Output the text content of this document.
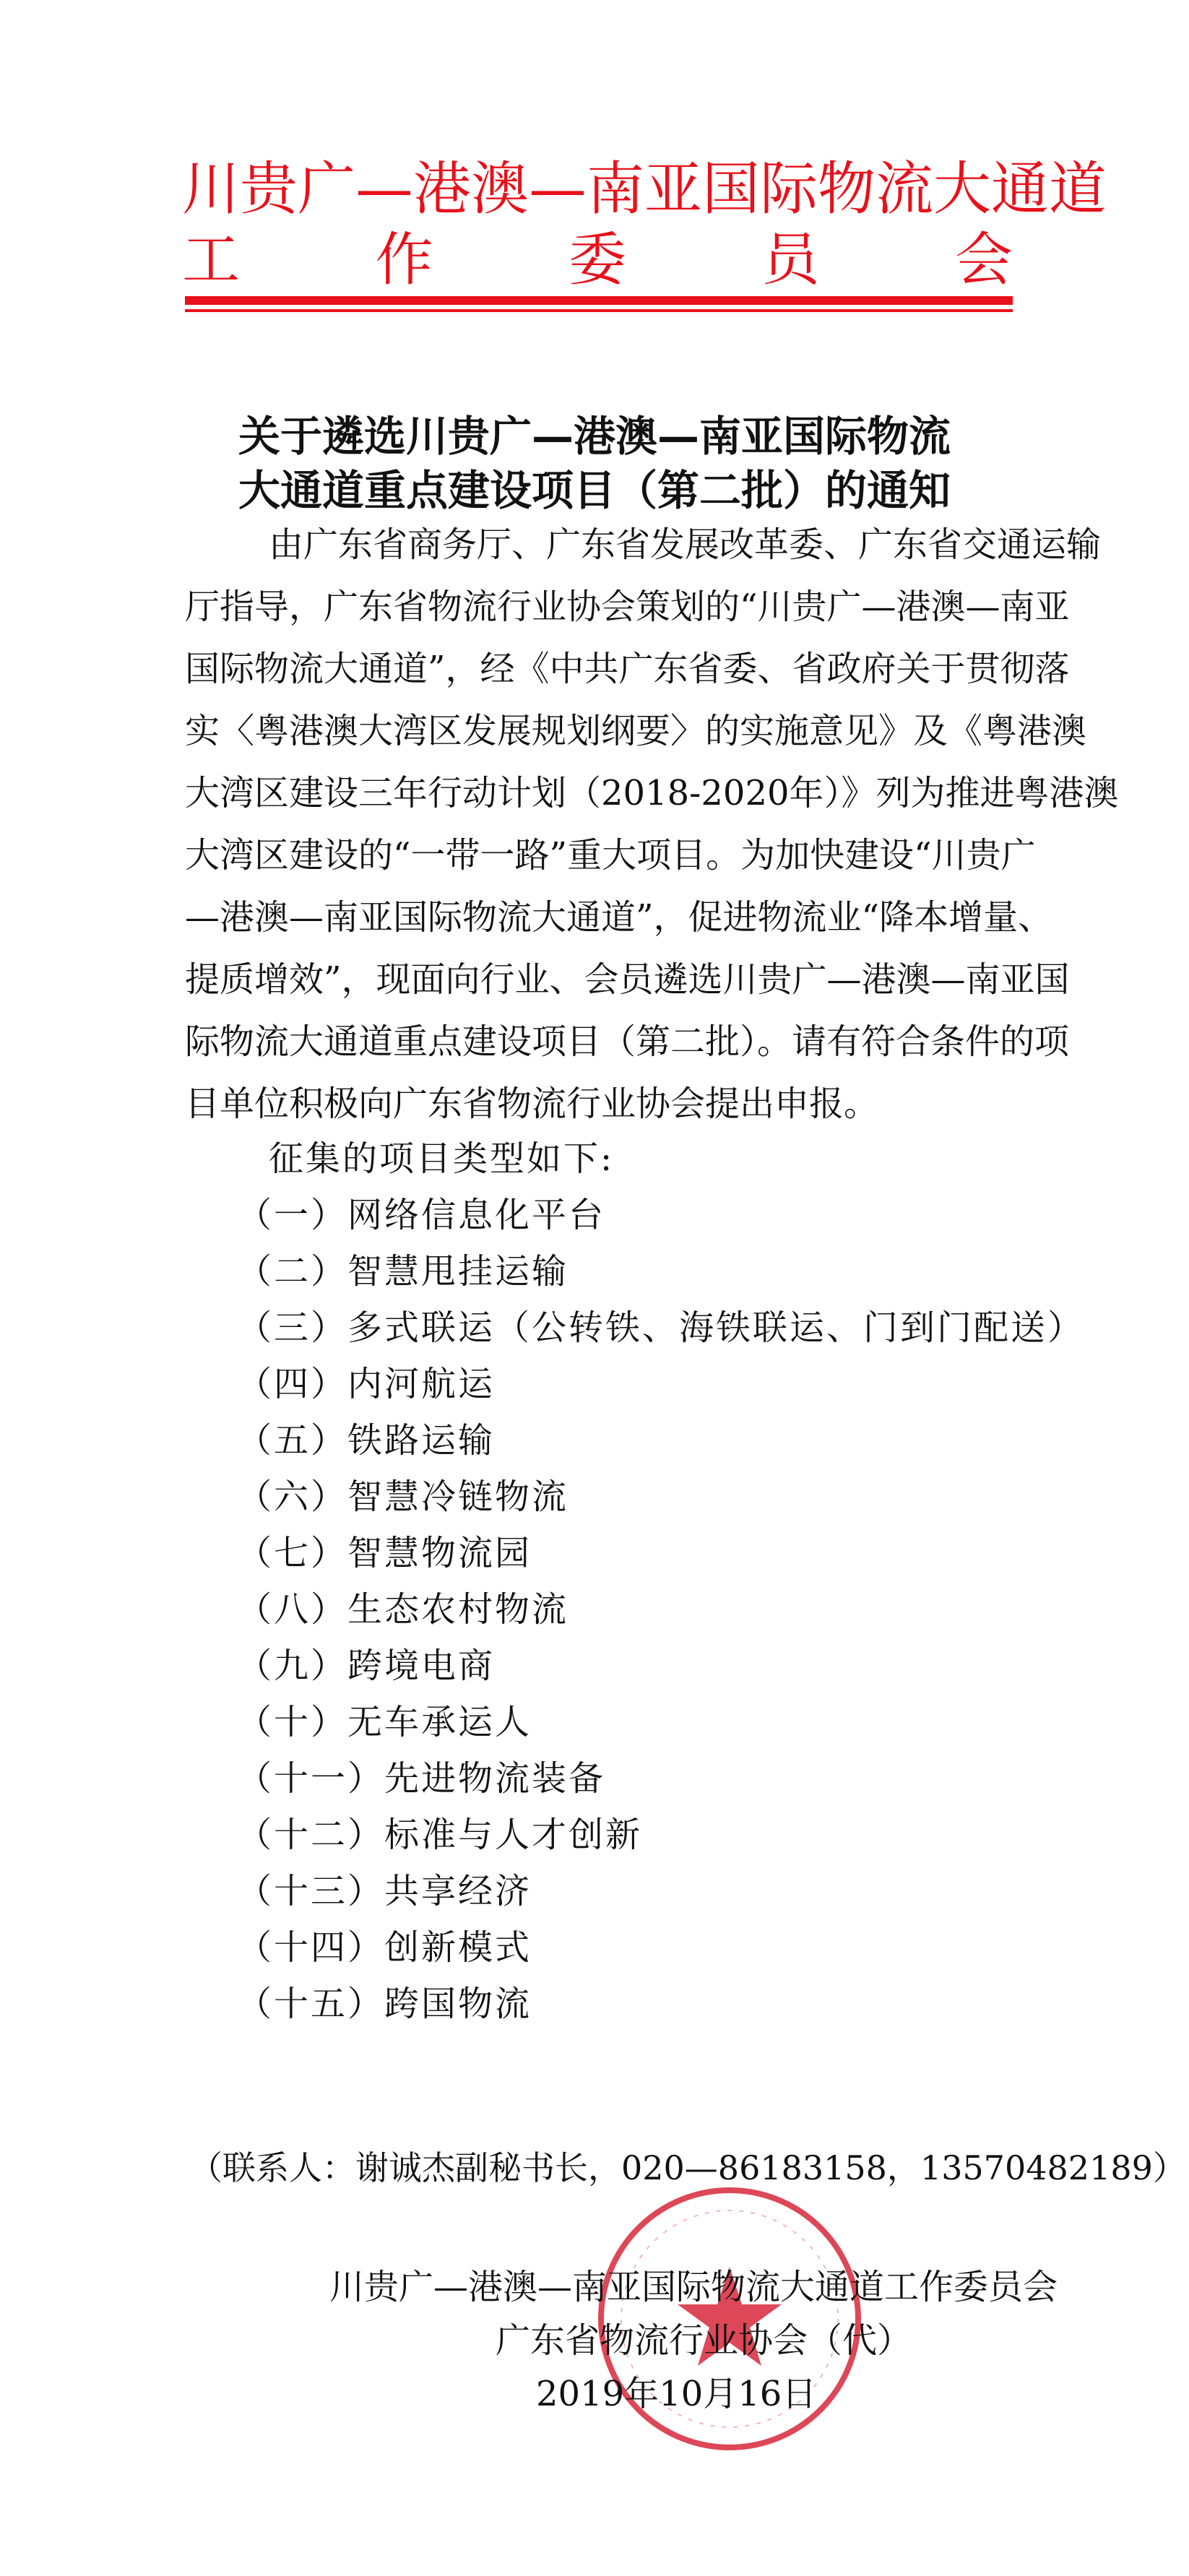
川贵广—港澳—南亚国际物流大通道
工 作 委 员 会
关于遴选川贵广—港澳—南亚国际物流
大通道重点建设项目（第二批）的通知
由广东省商务厅、广东省发展改革委、广东省交通运输
厅指导，广东省物流行业协会策划的“川贵广—港澳—南亚
国际物流大通道”，经《中共广东省委、省政府关于贯彻落
实〈粤港澳大湾区发展规划纲要〉的实施意见》及《粤港澳
大湾区建设三年行动计划（2018-2020年）》列为推进粤港澳
大湾区建设的“一带一路”重大项目。为加快建设“川贵广
—港澳—南亚国际物流大通道”，促进物流业“降本增量、
提质增效”，现面向行业、会员遴选川贵广—港澳—南亚国
际物流大通道重点建设项目（第二批）。请有符合条件的项
目单位积极向广东省物流行业协会提出申报。
征集的项目类型如下:
（一）网络信息化平台
（二）智慧甩挂运输
（三）多式联运（公转铁、海铁联运、门到门配送）
（四）内河航运
（五）铁路运输
（六）智慧冷链物流
（七）智慧物流园
（八）生态农村物流
（九）跨境电商
（十）无车承运人
（十一）先进物流装备
（十二）标准与人才创新
（十三）共享经济
（十四）创新模式
（十五）跨国物流
（联系人：谢诚杰副秘书长，020—86183158，13570482189）
川贵广—港澳—南亚国际物流大通道工作委员会
广东省物流行业协会（代）
2019年10月16日
